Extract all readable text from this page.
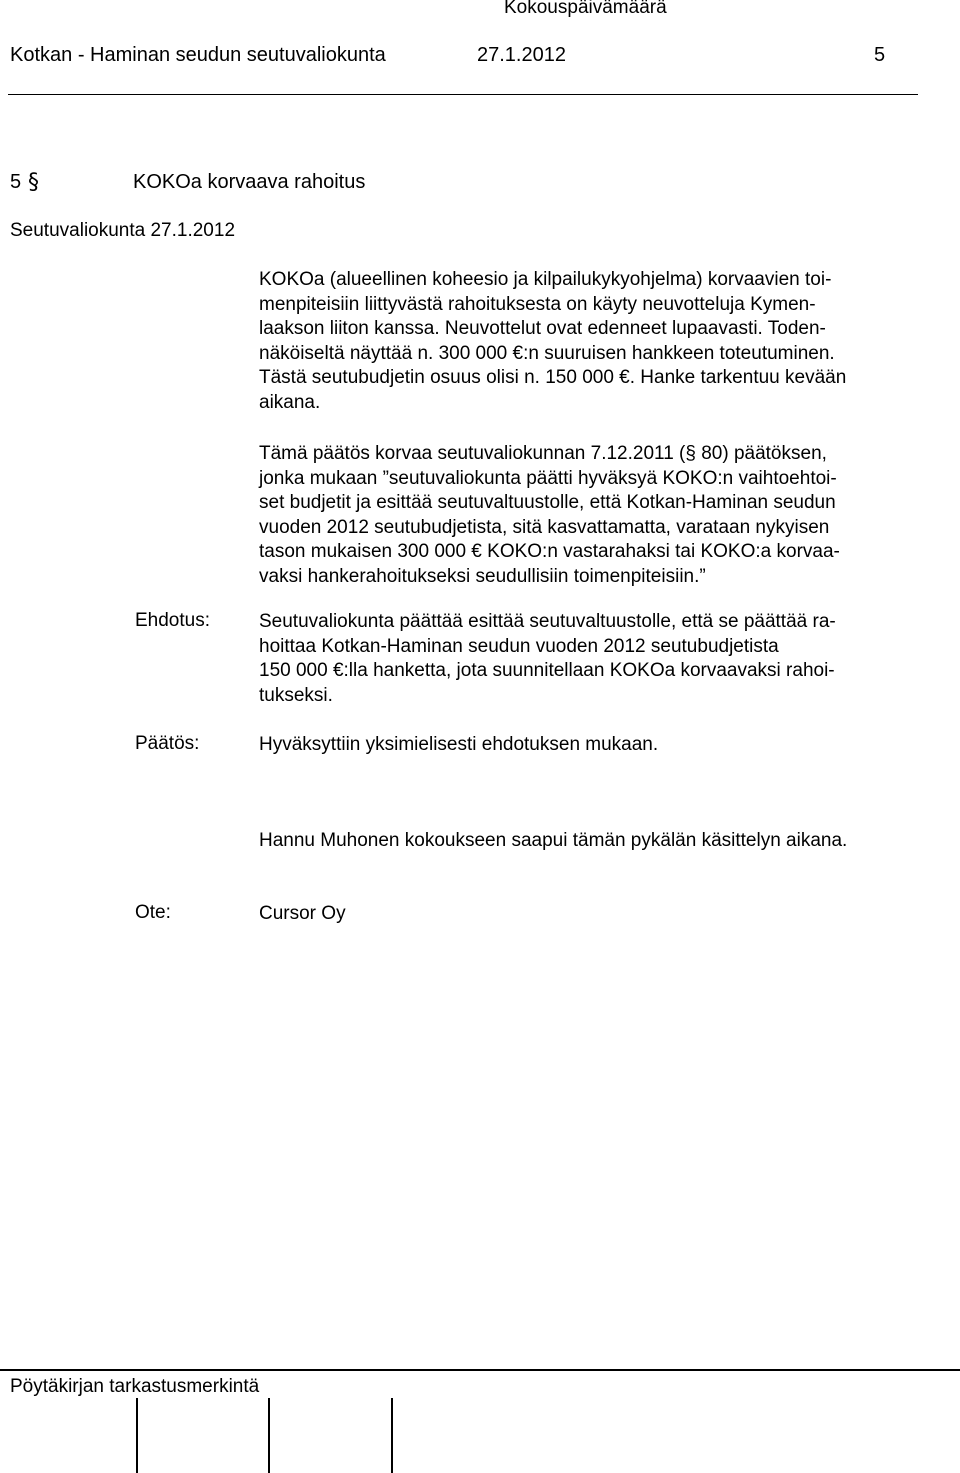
Kokouspäivämäärä
Kotkan - Haminan seudun seutuvaliokunta	27.1.2012	5
5 §	KOKOa korvaava rahoitus
Seutuvaliokunta 27.1.2012
KOKOa (alueellinen koheesio ja kilpailukykyohjelma) korvaavien toi-
menpiteisiin liittyvästä rahoituksesta on käyty neuvotteluja Kymen-
laakson liiton kanssa. Neuvottelut ovat edenneet lupaavasti. Toden-
näköiseltä näyttää n. 300 000 €:n suuruisen hankkeen toteutuminen.
Tästä seutubudjetin osuus olisi n. 150 000 €. Hanke tarkentuu kevään
aikana.
Tämä päätös korvaa seutuvaliokunnan 7.12.2011 (§ 80) päätöksen,
jonka mukaan ”seutuvaliokunta päätti hyväksyä KOKO:n vaihtoehtoi-
set budjetit ja esittää seutuvaltuustolle, että Kotkan-Haminan seudun
vuoden 2012 seutubudjetista, sitä kasvattamatta, varataan nykyisen
tason mukaisen 300 000 € KOKO:n vastarahaksi tai KOKO:a korvaa-
vaksi hankerahoitukseksi seudullisiin toimenpiteisiin.”
Ehdotus:	Seutuvaliokunta päättää esittää seutuvaltuustolle, että se päättää ra-
hoittaa Kotkan-Haminan seudun vuoden 2012 seutubudjetista
150 000 €:lla hanketta, jota suunnitellaan KOKOa korvaavaksi rahoi-
tukseksi.
Päätös:	Hyväksyttiin yksimielisesti ehdotuksen mukaan.
Hannu Muhonen kokoukseen saapui tämän pykälän käsittelyn aikana.
Ote:	Cursor Oy
Pöytäkirjan tarkastusmerkintä
